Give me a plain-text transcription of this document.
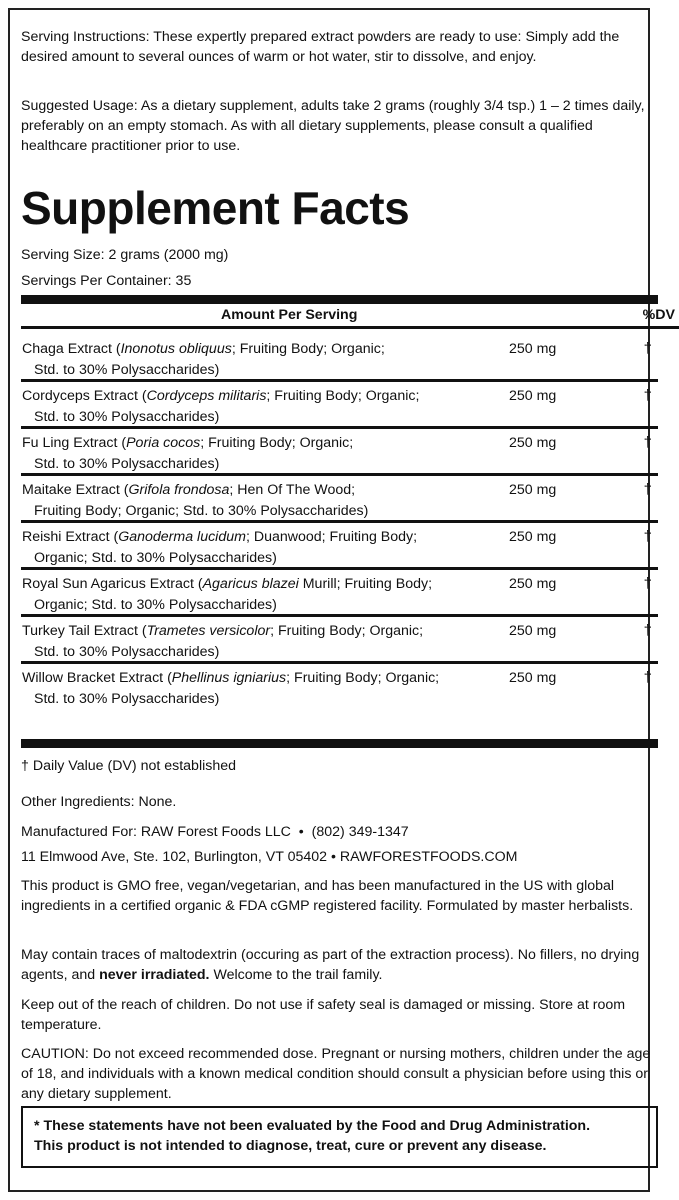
Serving Instructions: These expertly prepared extract powders are ready to use: Simply add the desired amount to several ounces of warm or hot water, stir to dissolve, and enjoy.

Suggested Usage: As a dietary supplement, adults take 2 grams (roughly 3/4 tsp.) 1 – 2 times daily, preferably on an empty stomach. As with all dietary supplements, please consult a qualified healthcare practitioner prior to use.

Supplement Facts

Serving Size: 2 grams (2000 mg)

Servings Per Container: 35

Amount Per Serving	%DV
Chaga Extract (Inonotus obliquus; Fruiting Body; Organic;
Std. to 30% Polysaccharides)
250 mg	†
Cordyceps Extract (Cordyceps militaris; Fruiting Body; Organic;
Std. to 30% Polysaccharides)
250 mg	†
Fu Ling Extract (Poria cocos; Fruiting Body; Organic;
Std. to 30% Polysaccharides)
250 mg	†
Maitake Extract (Grifola frondosa; Hen Of The Wood;
Fruiting Body; Organic; Std. to 30% Polysaccharides)
250 mg	†
Reishi Extract (Ganoderma lucidum; Duanwood; Fruiting Body;
Organic; Std. to 30% Polysaccharides)
250 mg	†
Royal Sun Agaricus Extract (Agaricus blazei Murill; Fruiting Body;
Organic; Std. to 30% Polysaccharides)
250 mg	†
Turkey Tail Extract (Trametes versicolor; Fruiting Body; Organic;
Std. to 30% Polysaccharides)
250 mg	†
Willow Bracket Extract (Phellinus igniarius; Fruiting Body; Organic;
Std. to 30% Polysaccharides)
250 mg	†

† Daily Value (DV) not established

Other Ingredients: None.

Manufactured For: RAW Forest Foods LLC  •  (802) 349-1347

11 Elmwood Ave, Ste. 102, Burlington, VT 05402 • RAWFORESTFOODS.COM

This product is GMO free, vegan/vegetarian, and has been manufactured in the US with global ingredients in a certified organic & FDA cGMP registered facility. Formulated by master herbalists.

May contain traces of maltodextrin (occuring as part of the extraction process). No fillers, no drying agents, and never irradiated. Welcome to the trail family.

Keep out of the reach of children. Do not use if safety seal is damaged or missing. Store at room temperature.

CAUTION: Do not exceed recommended dose. Pregnant or nursing mothers, children under the age of 18, and individuals with a known medical condition should consult a physician before using this or any dietary supplement.

* These statements have not been evaluated by the Food and Drug Administration.
This product is not intended to diagnose, treat, cure or prevent any disease.
